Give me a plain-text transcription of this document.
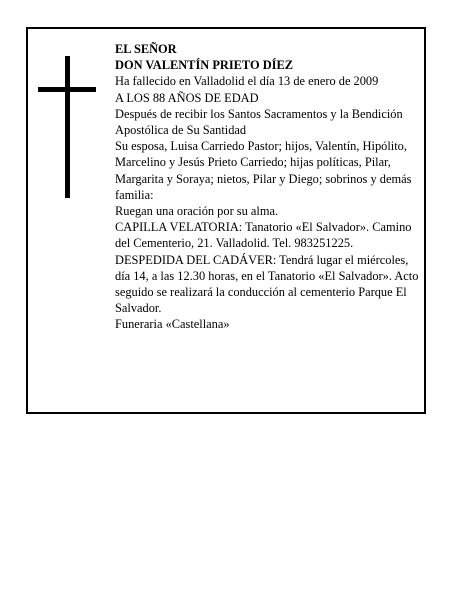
EL SEÑOR

DON VALENTÍN PRIETO DÍEZ

Ha fallecido en Valladolid el día 13 de enero de 2009

A LOS 88 AÑOS DE EDAD

Después de recibir los Santos Sacramentos y la Bendición Apostólica de Su Santidad

Su esposa, Luisa Carriedo Pastor; hijos, Valentín, Hipólito, Marcelino y Jesús Prieto Carriedo; hijas políticas, Pilar, Margarita y Soraya; nietos, Pilar y Diego; sobrinos y demás familia:

Ruegan una oración por su alma.

CAPILLA VELATORIA: Tanatorio «El Salvador». Camino del Cementerio, 21. Valladolid. Tel. 983251225.

DESPEDIDA DEL CADÁVER: Tendrá lugar el miércoles, día 14, a las 12.30 horas, en el Tanatorio «El Salvador». Acto seguido se realizará la conducción al cementerio Parque El Salvador.

Funeraria «Castellana»
